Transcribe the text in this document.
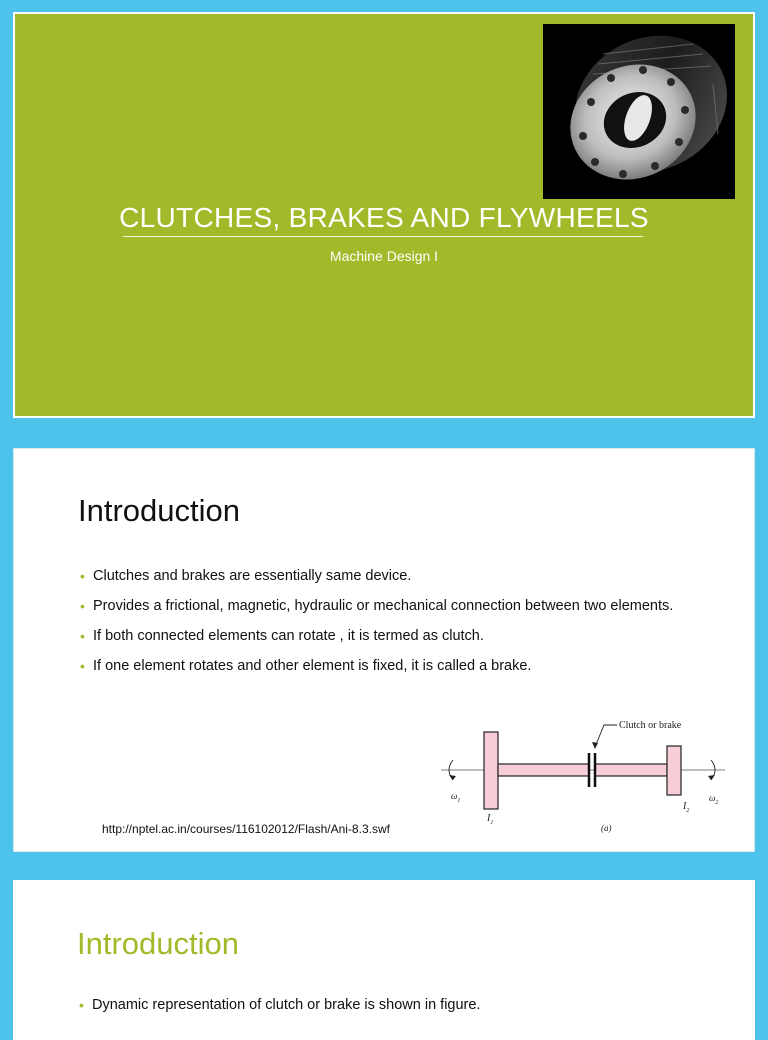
CLUTCHES, BRAKES AND FLYWHEELS
Machine Design I
Introduction
• Clutches and brakes are essentially same device.
• Provides a frictional, magnetic, hydraulic or mechanical connection between two elements.
• If both connected elements can rotate , it is termed as clutch.
• If one element rotates and other element is fixed, it is called a brake.
http://nptel.ac.in/courses/116102012/Flash/Ani-8.3.swf
Clutch or brake
$\omega_1$	$\omega_2$
$I_1$
$I_2$
(a)
Introduction
• Dynamic representation of clutch or brake is shown in figure.
